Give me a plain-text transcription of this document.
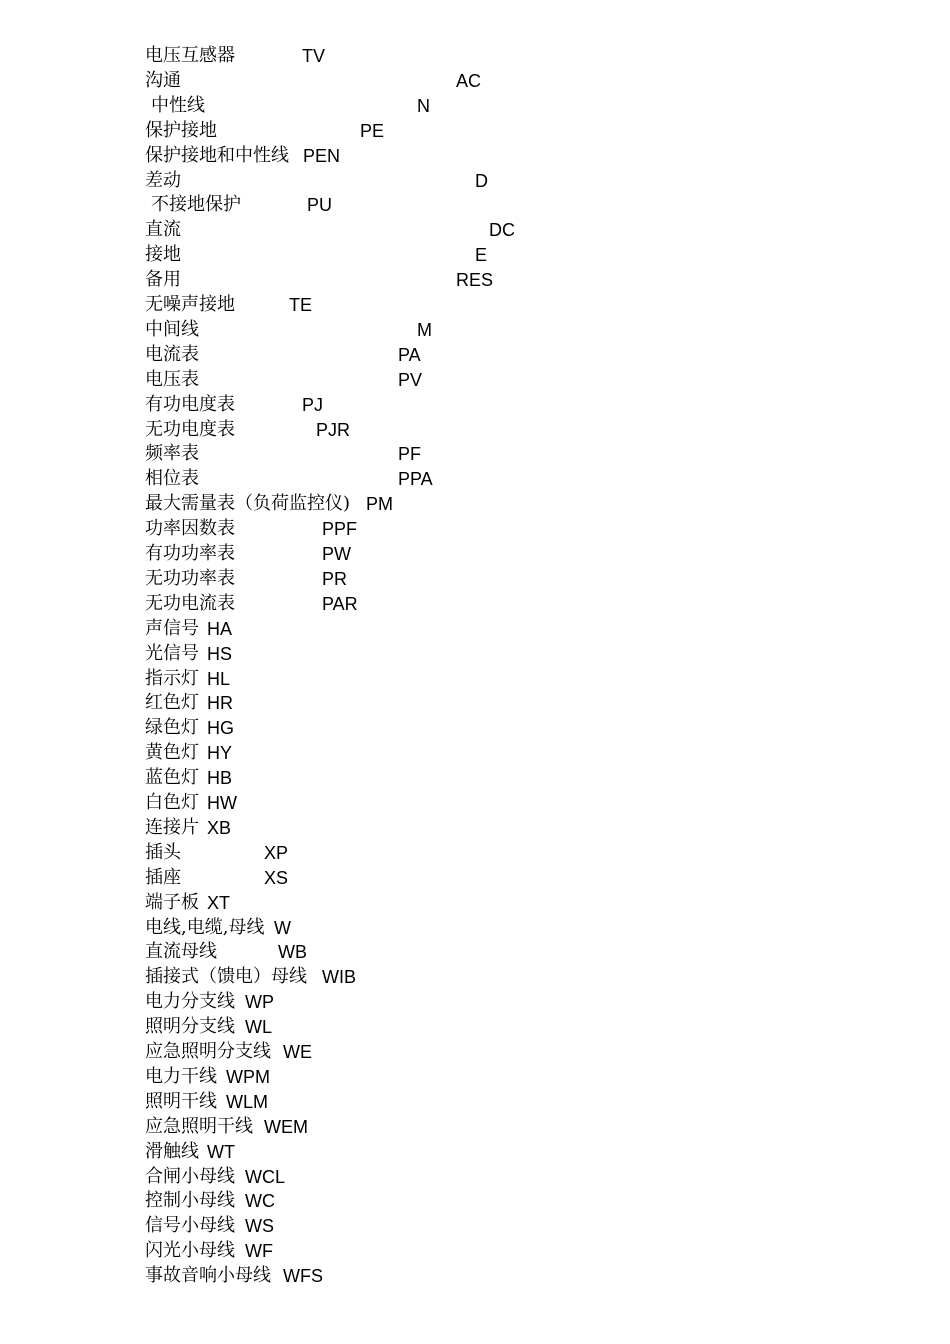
电压互感器	TV
沟通	AC
中性线	N
保护接地	PE
保护接地和中性线 PEN
差动	D
不接地保护	PU
直流	DC
接地	E
备用	RES
无噪声接地	TE
中间线	M
电流表	PA
电压表	PV
有功电度表	PJ
无功电度表	PJR
频率表	PF
相位表	PPA
最大需量表（负荷监控仪) PM
功率因数表	PPF
有功功率表	PW
无功功率表	PR
无功电流表	PAR
声信号 HA
光信号 HS
指示灯 HL
红色灯 HR
绿色灯 HG
黄色灯 HY
蓝色灯 HB
白色灯 HW
连接片 XB
插头	XP
插座	XS
端子板 XT
电线,电缆,母线 W
直流母线	WB
插接式（馈电）母线 WIB
电力分支线 WP
照明分支线 WL
应急照明分支线 WE
电力干线 WPM
照明干线 WLM
应急照明干线 WEM
滑触线 WT
合闸小母线 WCL
控制小母线 WC
信号小母线 WS
闪光小母线 WF
事故音响小母线 WFS
